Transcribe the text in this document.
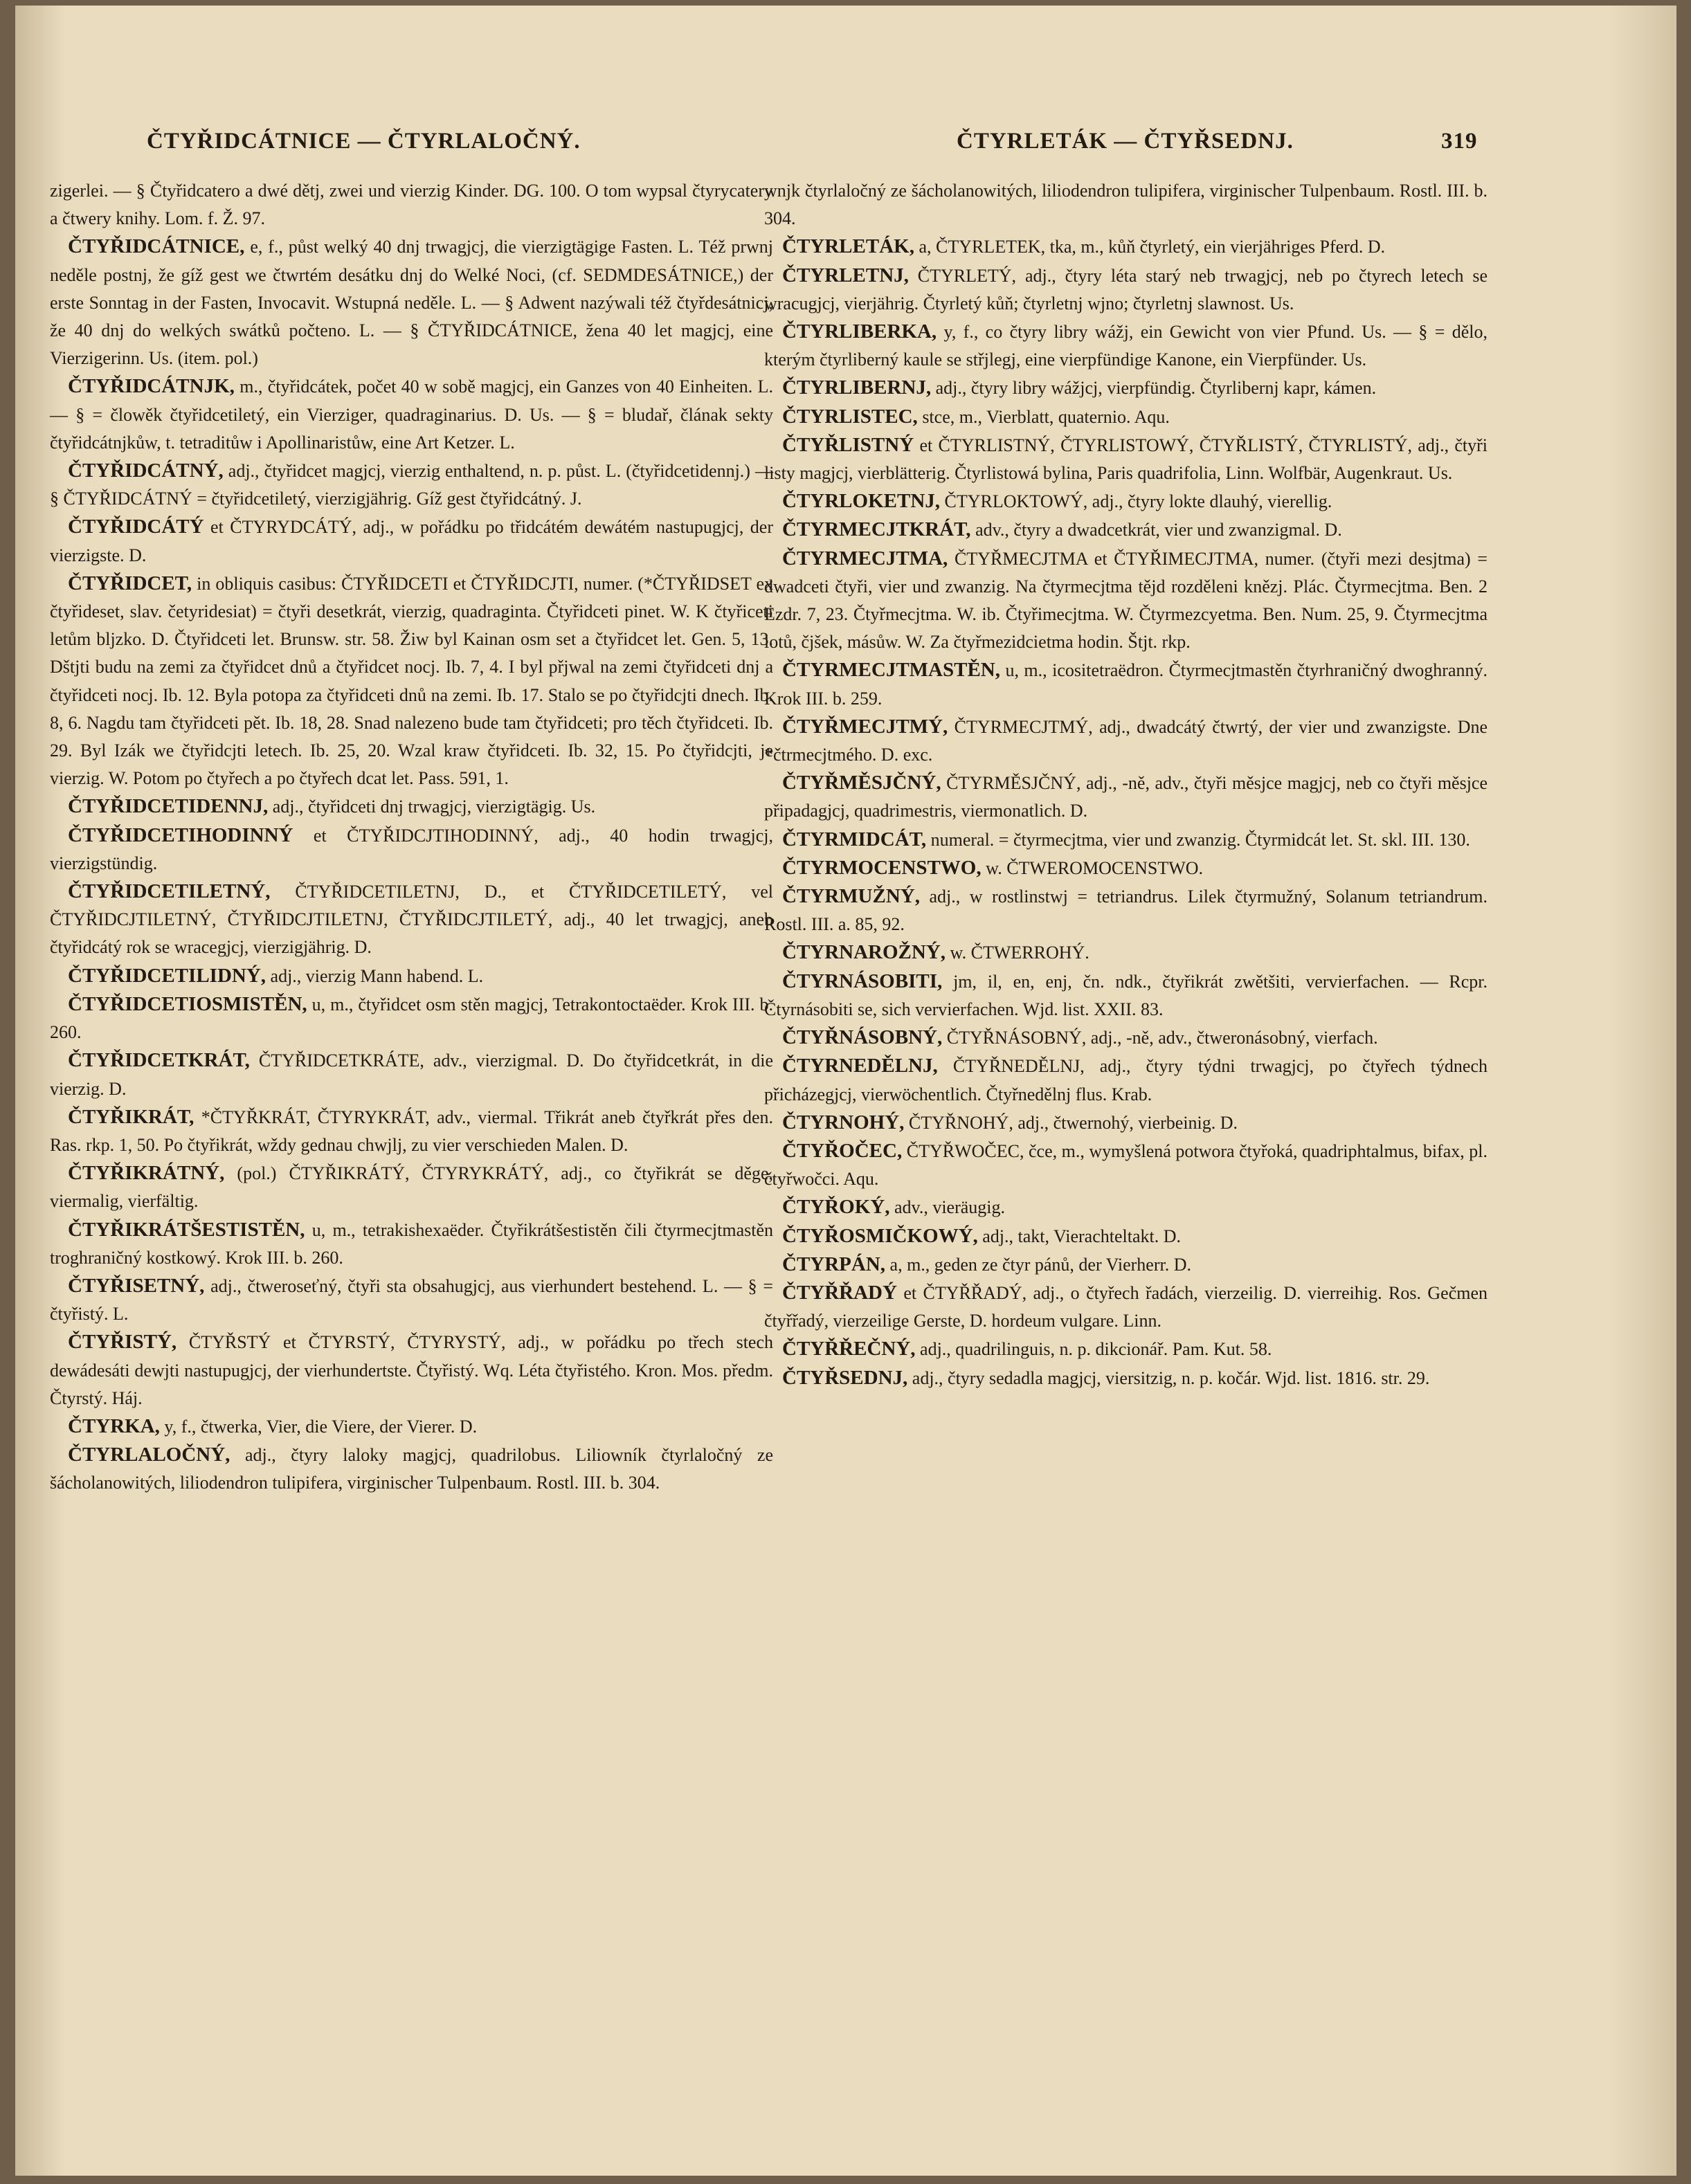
ČTYŘIDCÁTNICE — ČTYRLALOČNÝ.	ČTYRLETÁK — ČTYŘSEDNJ.	319

zigerlei. — § Čtyřidcatero a dwé dětj, zwei und vierzig Kinder. DG. 100. O tom wypsal čtyrycatery a čtwery knihy. Lom. f. Ž. 97.

ČTYŘIDCÁTNICE, e, f., půst welký 40 dnj trwagjcj, die vierzigtägige Fasten. L. Též prwnj neděle postnj, že gíž gest we čtwrtém desátku dnj do Welké Noci, (cf. SEDMDESÁTNICE,) der erste Sonntag in der Fasten, Invocavit. Wstupná neděle. L. — § Adwent nazýwali též čtyřdesátnicj, že 40 dnj do welkých swátků počteno. L. — § ČTYŘIDCÁTNICE, žena 40 let magjcj, eine Vierzigerinn. Us. (item. pol.)

ČTYŘIDCÁTNJK, m., čtyřidcátek, počet 40 w sobě magjcj, ein Ganzes von 40 Einheiten. L. — § = člowěk čtyřidcetiletý, ein Vierziger, quadraginarius. D. Us. — § = bludař, člának sekty čtyřidcátnjkůw, t. tetraditůw i Apollinaristůw, eine Art Ketzer. L.

ČTYŘIDCÁTNÝ, adj., čtyřidcet magjcj, vierzig enthaltend, n. p. půst. L. (čtyřidcetidennj.) — § ČTYŘIDCÁTNÝ = čtyřidcetiletý, vierzigjährig. Gíž gest čtyřidcátný. J.

ČTYŘIDCÁTÝ et ČTYRYDCÁTÝ, adj., w pořádku po třidcátém dewátém nastupugjcj, der vierzigste. D.

ČTYŘIDCET, in obliquis casibus: ČTYŘIDCETI et ČTYŘIDCJTI, numer. (*ČTYŘIDSET ex čtyřideset, slav. četyridesiat) = čtyři desetkrát, vierzig, quadraginta. Čtyřidceti pinet. W. K čtyřiceti letům bljzko. D. Čtyřidceti let. Brunsw. str. 58. Žiw byl Kainan osm set a čtyřidcet let. Gen. 5, 13. Dštjti budu na zemi za čtyřidcet dnů a čtyřidcet nocj. Ib. 7, 4. I byl přjwal na zemi čtyřidceti dnj a čtyřidceti nocj. Ib. 12. Byla potopa za čtyřidceti dnů na zemi. Ib. 17. Stalo se po čtyřidcjti dnech. Ib. 8, 6. Nagdu tam čtyřidceti pět. Ib. 18, 28. Snad nalezeno bude tam čtyřidceti; pro těch čtyřidceti. Ib. 29. Byl Izák we čtyřidcjti letech. Ib. 25, 20. Wzal kraw čtyřidceti. Ib. 32, 15. Po čtyřidcjti, je vierzig. W. Potom po čtyřech a po čtyřech dcat let. Pass. 591, 1.

ČTYŘIDCETIDENNJ, adj., čtyřidceti dnj trwagjcj, vierzigtägig. Us.

ČTYŘIDCETIHODINNÝ et ČTYŘIDCJTIHODINNÝ, adj., 40 hodin trwagjcj, vierzigstündig.

ČTYŘIDCETILETNÝ, ČTYŘIDCETILETNJ, D., et ČTYŘIDCETILETÝ, vel ČTYŘIDCJTILETNÝ, ČTYŘIDCJTILETNJ, ČTYŘIDCJTILETÝ, adj., 40 let trwagjcj, aneb čtyřidcátý rok se wracegjcj, vierzigjährig. D.

ČTYŘIDCETILIDNÝ, adj., vierzig Mann habend. L.

ČTYŘIDCETIOSMISTĚN, u, m., čtyřidcet osm stěn magjcj, Tetrakontoctaëder. Krok III. b. 260.

ČTYŘIDCETKRÁT, ČTYŘIDCETKRÁTE, adv., vierzigmal. D. Do čtyřidcetkrát, in die vierzig. D.

ČTYŘIKRÁT, *ČTYŘKRÁT, ČTYRYKRÁT, adv., viermal. Třikrát aneb čtyřkrát přes den. Ras. rkp. 1, 50. Po čtyřikrát, wždy gednau chwjlj, zu vier verschieden Malen. D.

ČTYŘIKRÁTNÝ, (pol.) ČTYŘIKRÁTÝ, ČTYRYKRÁTÝ, adj., co čtyřikrát se děge, viermalig, vierfältig.

ČTYŘIKRÁTŠESTISTĚN, u, m., tetrakishexaëder. Čtyřikrátšestistěn čili čtyrmecjtmastěn troghraničný kostkowý. Krok III. b. 260.

ČTYŘISETNÝ, adj., čtweroseťný, čtyři sta obsahugjcj, aus vierhundert bestehend. L. — § = čtyřistý. L.

ČTYŘISTÝ, ČTYŘSTÝ et ČTYRSTÝ, ČTYRYSTÝ, adj., w pořádku po třech stech dewádesáti dewjti nastupugjcj, der vierhundertste. Čtyřistý. Wq. Léta čtyřistého. Kron. Mos. předm. Čtyrstý. Háj.

ČTYRKA, y, f., čtwerka, Vier, die Viere, der Vierer. D.

ČTYRLALOČNÝ, adj., čtyry laloky magjcj, quadrilobus. Liliowník čtyrlaločný ze šácholanowitých, liliodendron tulipifera, virginischer Tulpenbaum. Rostl. III. b. 304.

wnjk čtyrlaločný ze šácholanowitých, liliodendron tulipifera, virginischer Tulpenbaum. Rostl. III. b. 304.

ČTYRLETÁK, a, ČTYRLETEK, tka, m., kůň čtyrletý, ein vierjähriges Pferd. D.

ČTYRLETNJ, ČTYRLETÝ, adj., čtyry léta starý neb trwagjcj, neb po čtyrech letech se wracugjcj, vierjährig. Čtyrletý kůň; čtyrletnj wjno; čtyrletnj slawnost. Us.

ČTYRLIBERKA, y, f., co čtyry libry wážj, ein Gewicht von vier Pfund. Us. — § = dělo, kterým čtyrliberný kaule se střjlegj, eine vierpfündige Kanone, ein Vierpfünder. Us.

ČTYRLIBERNJ, adj., čtyry libry wážjcj, vierpfündig. Čtyrlibernj kapr, kámen.

ČTYRLISTEC, stce, m., Vierblatt, quaternio. Aqu.

ČTYŘLISTNÝ et ČTYRLISTNÝ, ČTYRLISTOWÝ, ČTYŘLISTÝ, ČTYRLISTÝ, adj., čtyři listy magjcj, vierblätterig. Čtyrlistowá bylina, Paris quadrifolia, Linn. Wolfbär, Augenkraut. Us.

ČTYRLOKETNJ, ČTYRLOKTOWÝ, adj., čtyry lokte dlauhý, vierellig.

ČTYRMECJTKRÁT, adv., čtyry a dwadcetkrát, vier und zwanzigmal. D.

ČTYRMECJTMA, ČTYŘMECJTMA et ČTYŘIMECJTMA, numer. (čtyři mezi desjtma) = dwadceti čtyři, vier und zwanzig. Na čtyrmecjtma tějd rozděleni knězj. Plác. Čtyrmecjtma. Ben. 2 Ezdr. 7, 23. Čtyřmecjtma. W. ib. Čtyřimecjtma. W. Čtyrmezcyetma. Ben. Num. 25, 9. Čtyrmecjtma lotů, čjšek, másůw. W. Za čtyřmezidcietma hodin. Štjt. rkp.

ČTYRMECJTMASTĚN, u, m., icositetraëdron. Čtyrmecjtmastěn čtyrhraničný dwoghranný. Krok III. b. 259.

ČTYŘMECJTMÝ, ČTYRMECJTMÝ, adj., dwadcátý čtwrtý, der vier und zwanzigste. Dne *čtrmecjtmého. D. exc.

ČTYŘMĚSJČNÝ, ČTYRMĚSJČNÝ, adj., -ně, adv., čtyři měsjce magjcj, neb co čtyři měsjce připadagjcj, quadrimestris, viermonatlich. D.

ČTYRMIDCÁT, numeral. = čtyrmecjtma, vier und zwanzig. Čtyrmidcát let. St. skl. III. 130.

ČTYRMOCENSTWO, w. ČTWEROMOCENSTWO.

ČTYRMUŽNÝ, adj., w rostlinstwj = tetriandrus. Lilek čtyrmužný, Solanum tetriandrum. Rostl. III. a. 85, 92.

ČTYRNAROŽNÝ, w. ČTWERROHÝ.

ČTYRNÁSOBITI, jm, il, en, enj, čn. ndk., čtyřikrát zwětšiti, vervierfachen. — Rcpr. Čtyrnásobiti se, sich vervierfachen. Wjd. list. XXII. 83.

ČTYŘNÁSOBNÝ, ČTYŘNÁSOBNÝ, adj., -ně, adv., čtweronásobný, vierfach.

ČTYRNEDĚLNJ, ČTYŘNEDĚLNJ, adj., čtyry týdni trwagjcj, po čtyřech týdnech přicházegjcj, vierwöchentlich. Čtyřnedělnj flus. Krab.

ČTYRNOHÝ, ČTYŘNOHÝ, adj., čtwernohý, vierbeinig. D.

ČTYŘOČEC, ČTYŘWOČEC, čce, m., wymyšlená potwora čtyřoká, quadriphtalmus, bifax, pl. čtyřwočci. Aqu.

ČTYŘOKÝ, adv., vieräugig.

ČTYŘOSMIČKOWÝ, adj., takt, Vierachteltakt. D.

ČTYRPÁN, a, m., geden ze čtyr pánů, der Vierherr. D.

ČTYŘŘADÝ et ČTYŘŘADÝ, adj., o čtyřech řadách, vierzeilig. D. vierreihig. Ros. Gečmen čtyřřadý, vierzeilige Gerste, D. hordeum vulgare. Linn.

ČTYŘŘEČNÝ, adj., quadrilinguis, n. p. dikcionář. Pam. Kut. 58.

ČTYŘSEDNJ, adj., čtyry sedadla magjcj, viersitzig, n. p. kočár. Wjd. list. 1816. str. 29.
